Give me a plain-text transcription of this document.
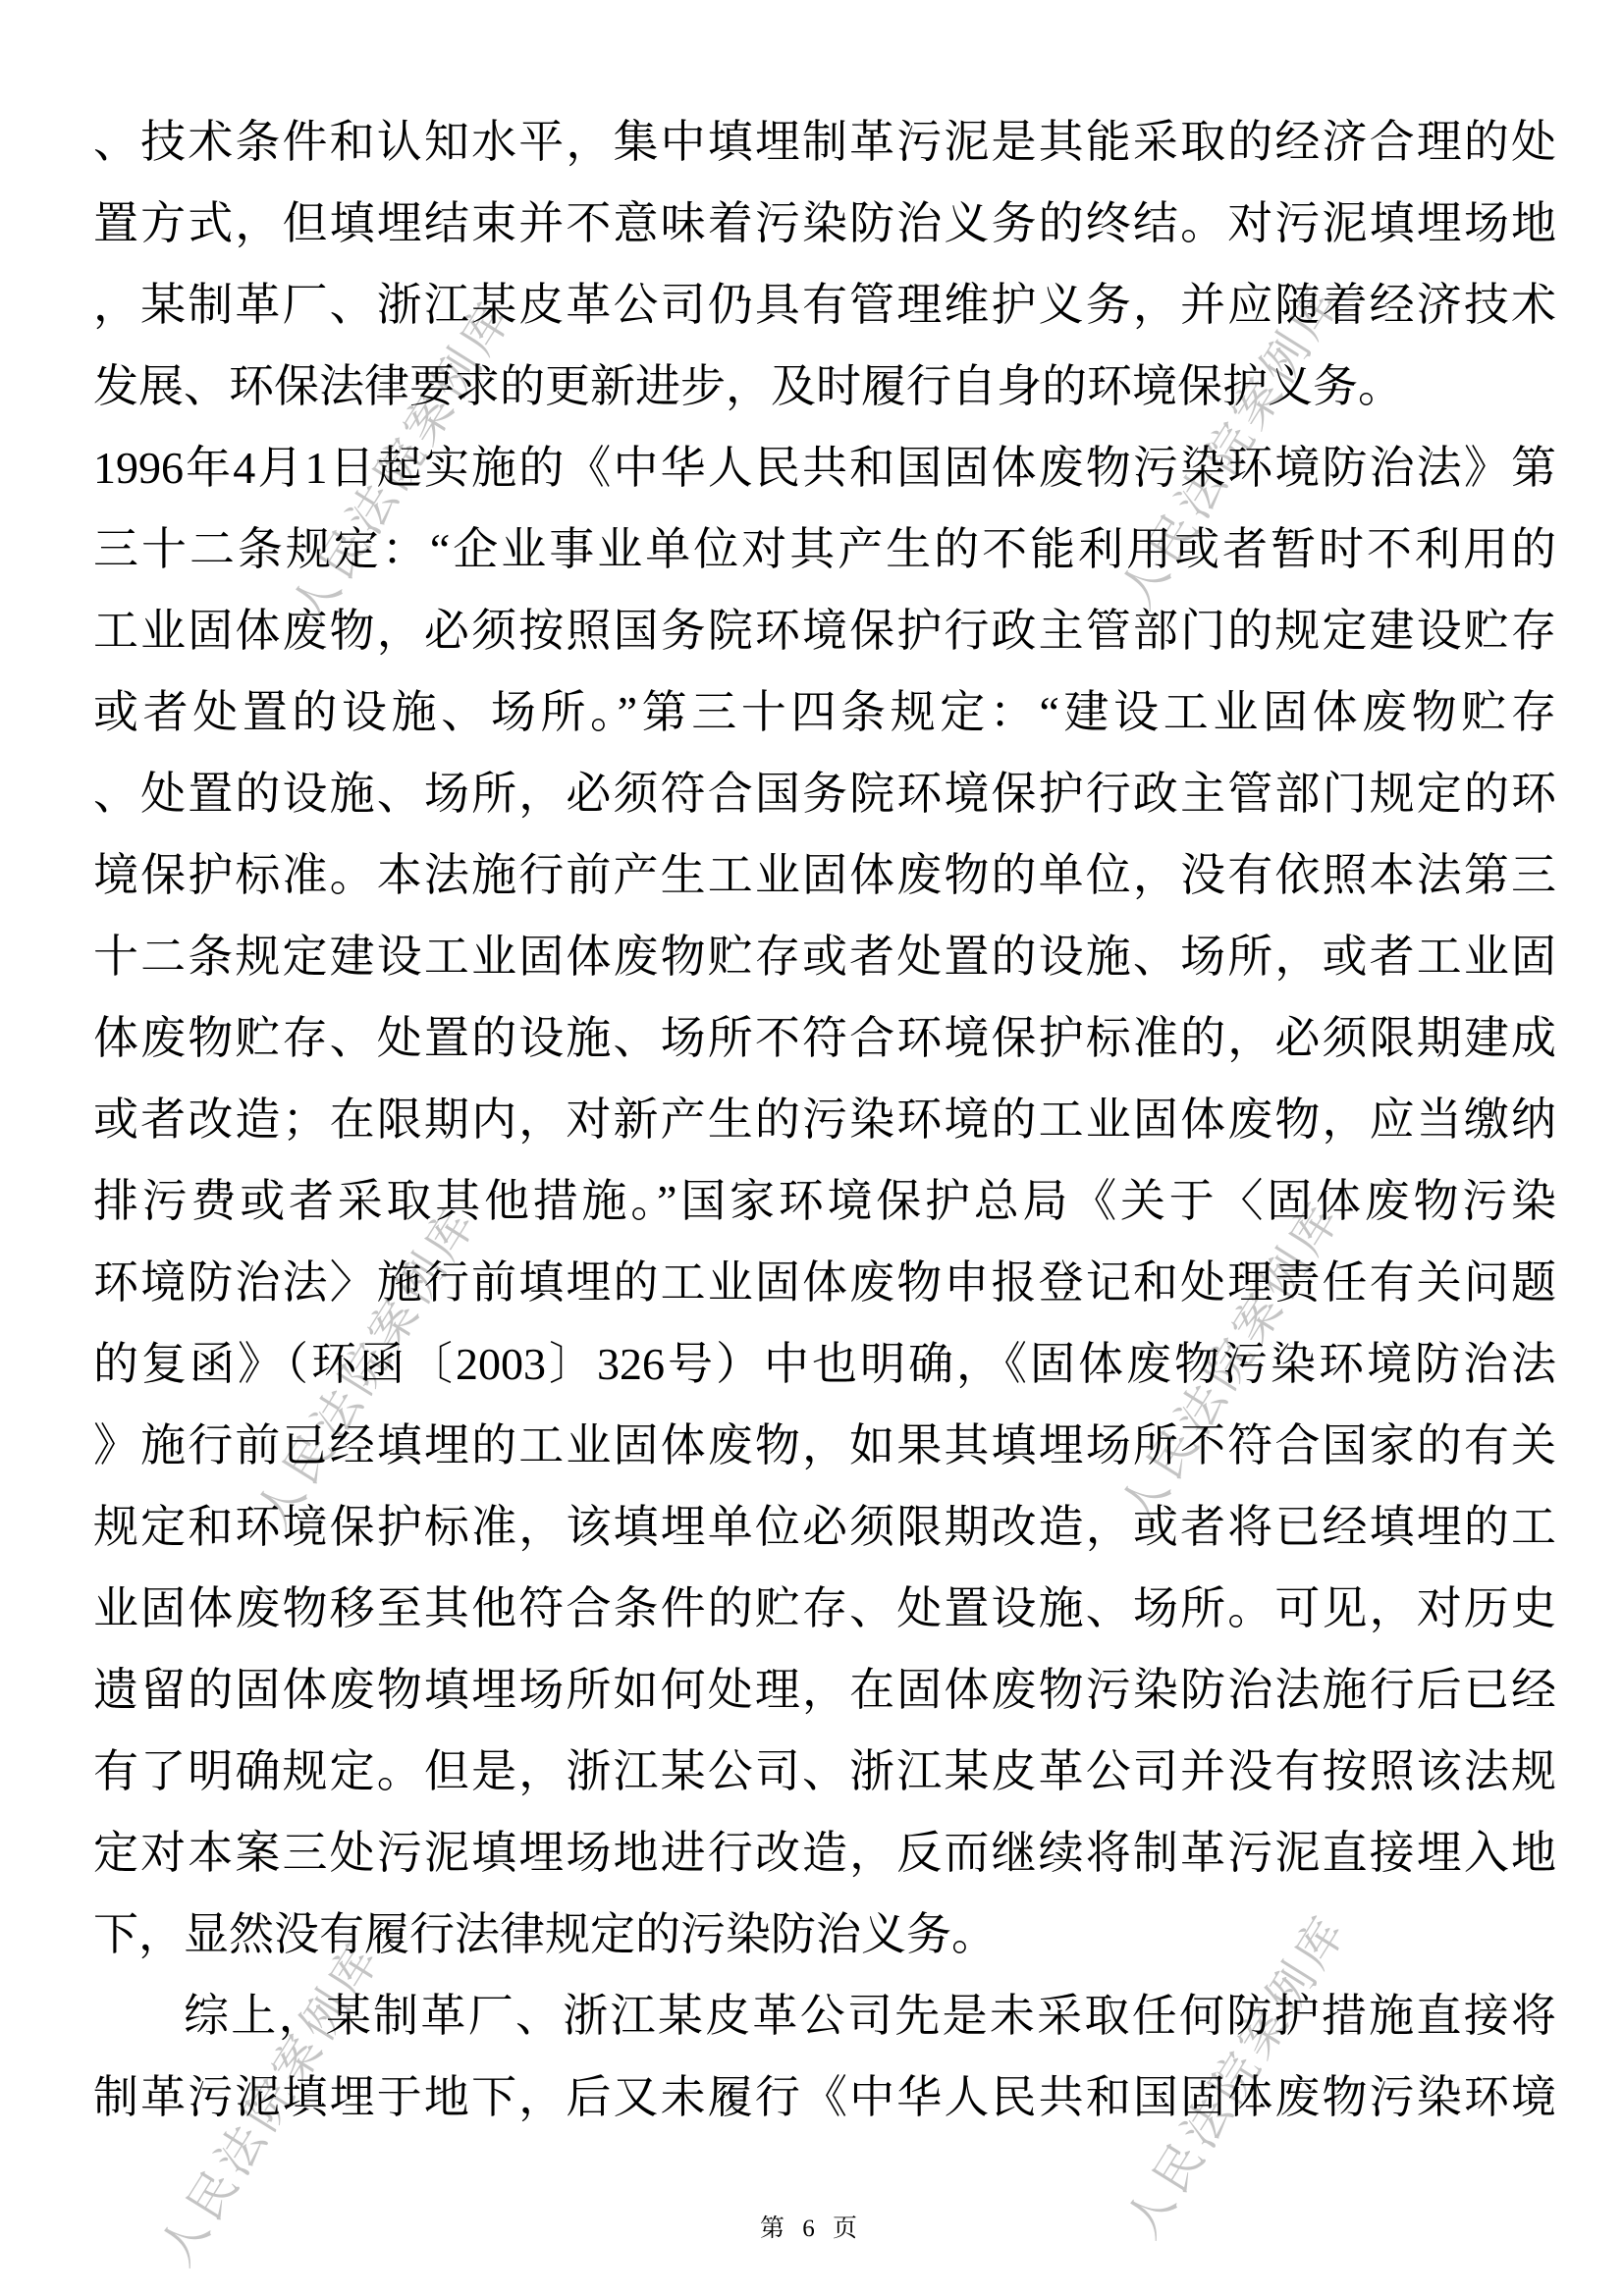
人民法院案例库	人民法院案例库
人民法院案例库	人民法院案例库
人民法院案例库	人民法院案例库
、技术条件和认知水平，集中填埋制革污泥是其能采取的经济合理的处
置方式，但填埋结束并不意味着污染防治义务的终结。对污泥填埋场地
，某制革厂、浙江某皮革公司仍具有管理维护义务，并应随着经济技术
发展、环保法律要求的更新进步，及时履行自身的环境保护义务。
1996年4月1日起实施的《中华人民共和国固体废物污染环境防治法》第
三十二条规定：“企业事业单位对其产生的不能利用或者暂时不利用的
工业固体废物，必须按照国务院环境保护行政主管部门的规定建设贮存
或者处置的设施、场所。”第三十四条规定：“建设工业固体废物贮存
、处置的设施、场所，必须符合国务院环境保护行政主管部门规定的环
境保护标准。本法施行前产生工业固体废物的单位，没有依照本法第三
十二条规定建设工业固体废物贮存或者处置的设施、场所，或者工业固
体废物贮存、处置的设施、场所不符合环境保护标准的，必须限期建成
或者改造；在限期内，对新产生的污染环境的工业固体废物，应当缴纳
排污费或者采取其他措施。”国家环境保护总局《关于〈固体废物污染
环境防治法〉施行前填埋的工业固体废物申报登记和处理责任有关问题
的复函》（环函〔2003〕326号）中也明确，《固体废物污染环境防治法
》施行前已经填埋的工业固体废物，如果其填埋场所不符合国家的有关
规定和环境保护标准，该填埋单位必须限期改造，或者将已经填埋的工
业固体废物移至其他符合条件的贮存、处置设施、场所。可见，对历史
遗留的固体废物填埋场所如何处理，在固体废物污染防治法施行后已经
有了明确规定。但是，浙江某公司、浙江某皮革公司并没有按照该法规
定对本案三处污泥填埋场地进行改造，反而继续将制革污泥直接埋入地
下，显然没有履行法律规定的污染防治义务。
综上，某制革厂、浙江某皮革公司先是未采取任何防护措施直接将
制革污泥填埋于地下，后又未履行《中华人民共和国固体废物污染环境
第 6 页
